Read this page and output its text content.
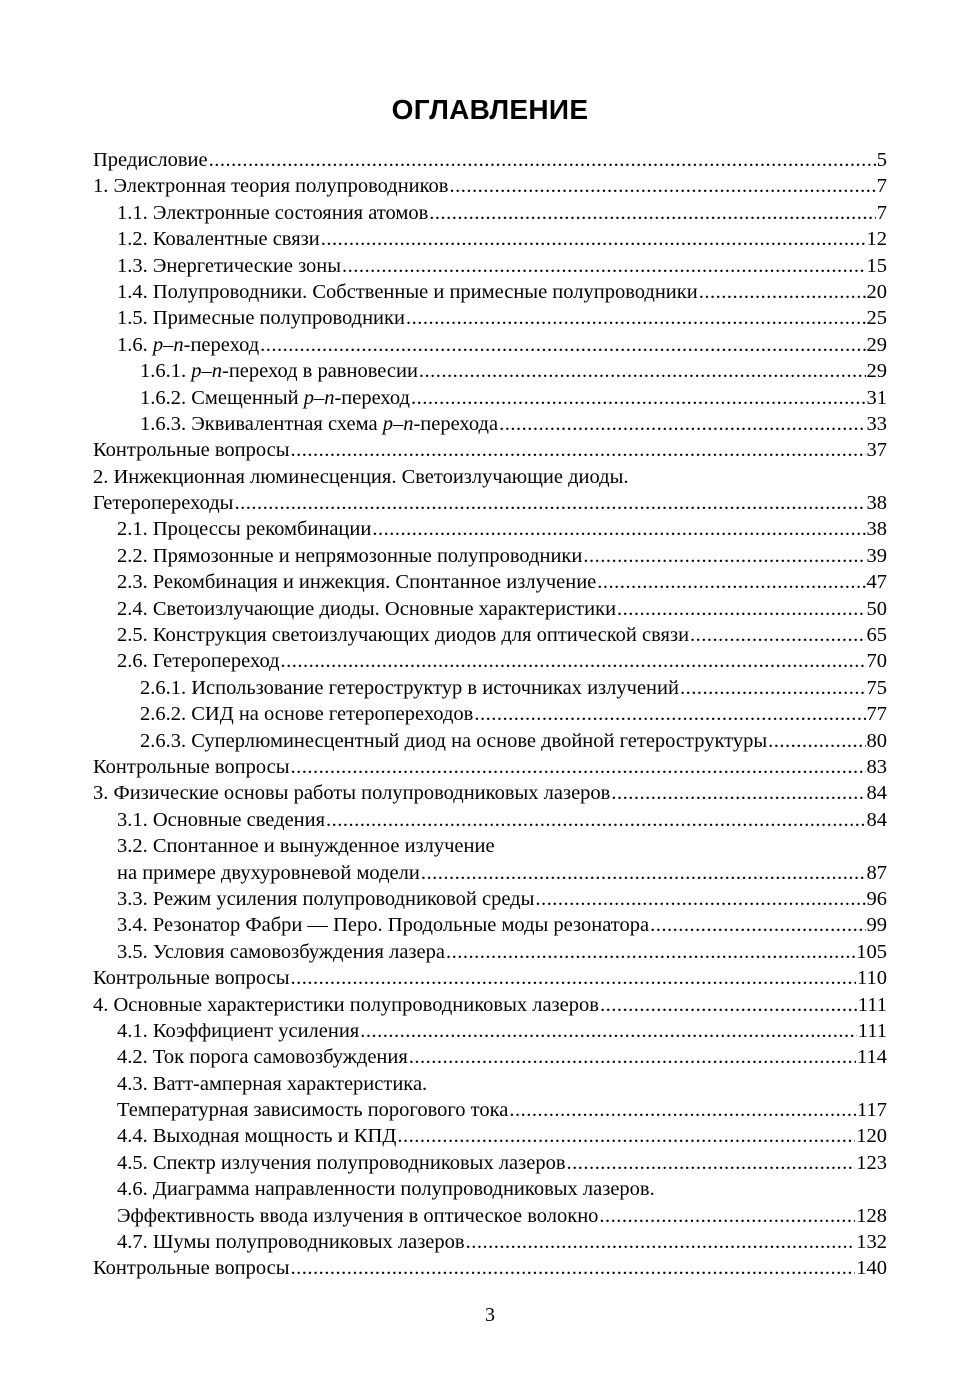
ОГЛАВЛЕНИЕ
Предисловие .....	5
1. Электронная теория полупроводников .....	7
1.1. Электронные состояния атомов .....	7
1.2. Ковалентные связи .....	12
1.3. Энергетические зоны .....	15
1.4. Полупроводники. Собственные и примесные полупроводники .....	20
1.5. Примесные полупроводники .....	25
1.6. p–n-переход .....	29
1.6.1. p–n-переход в равновесии .....	29
1.6.2. Смещенный p–n-переход .....	31
1.6.3. Эквивалентная схема p–n-перехода .....	33
Контрольные вопросы .....	37
2. Инжекционная люминесценция. Светоизлучающие диоды.
Гетеропереходы .....	38
2.1. Процессы рекомбинации .....	38
2.2. Прямозонные и непрямозонные полупроводники .....	39
2.3. Рекомбинация и инжекция. Спонтанное излучение .....	47
2.4. Светоизлучающие диоды. Основные характеристики .....	50
2.5. Конструкция светоизлучающих диодов для оптической связи .....	65
2.6. Гетеропереход .....	70
2.6.1. Использование гетероструктур в источниках излучений .....	75
2.6.2. СИД на основе гетеропереходов .....	77
2.6.3. Суперлюминесцентный диод на основе двойной гетероструктуры .....	80
Контрольные вопросы .....	83
3. Физические основы работы полупроводниковых лазеров .....	84
3.1. Основные сведения .....	84
3.2. Спонтанное и вынужденное излучение
на примере двухуровневой модели .....	87
3.3. Режим усиления полупроводниковой среды .....	96
3.4. Резонатор Фабри — Перо. Продольные моды резонатора .....	99
3.5. Условия самовозбуждения лазера .....	105
Контрольные вопросы .....	110
4. Основные характеристики полупроводниковых лазеров .....	111
4.1. Коэффициент усиления .....	111
4.2. Ток порога самовозбуждения .....	114
4.3. Ватт-амперная характеристика.
Температурная зависимость порогового тока .....	117
4.4. Выходная мощность и КПД .....	120
4.5. Спектр излучения полупроводниковых лазеров .....	123
4.6. Диаграмма направленности полупроводниковых лазеров.
Эффективность ввода излучения в оптическое волокно .....	128
4.7. Шумы полупроводниковых лазеров .....	132
Контрольные вопросы .....	140
3
